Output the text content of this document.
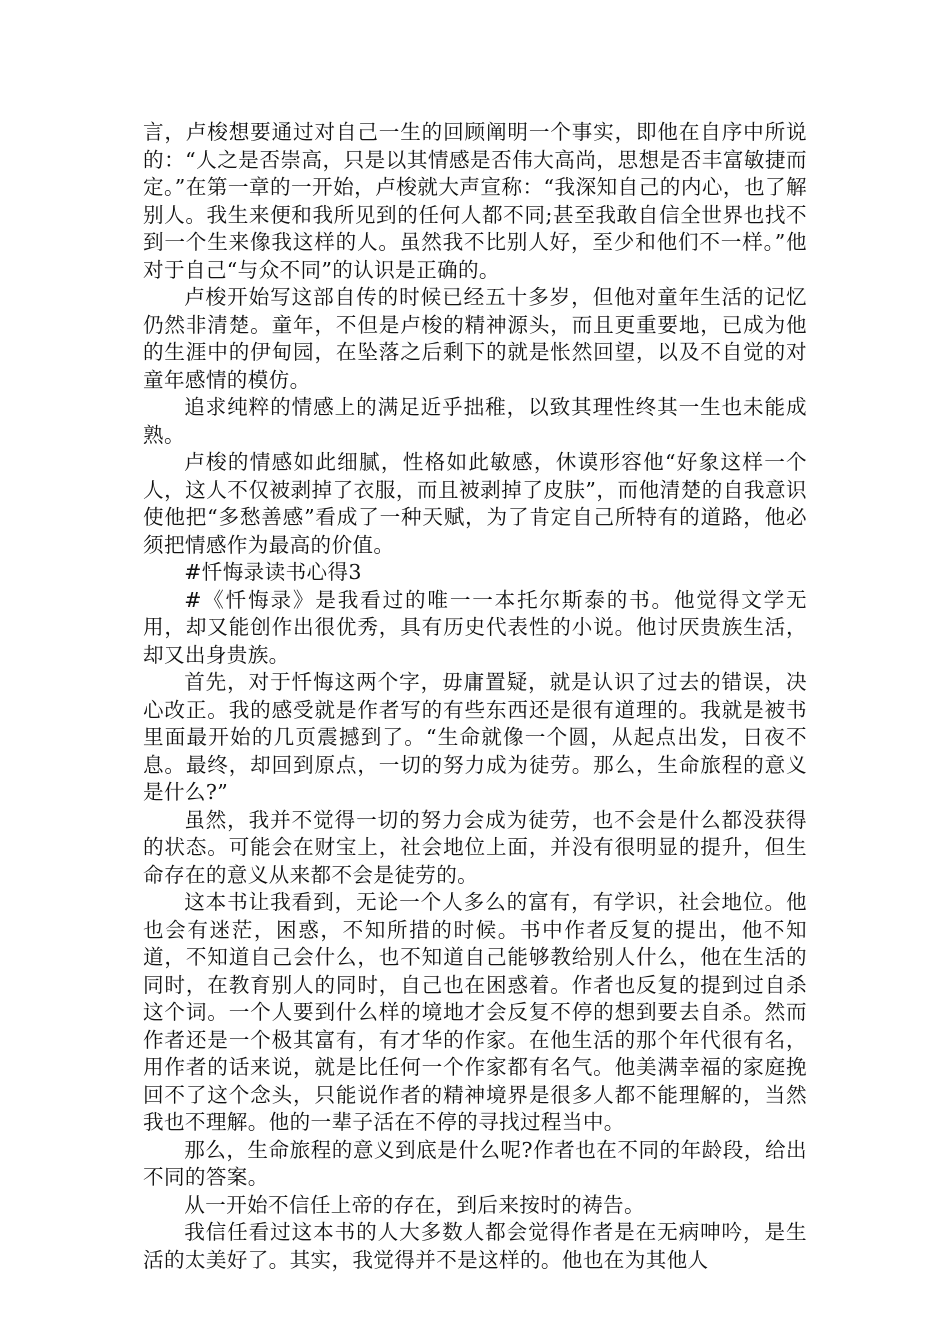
言，卢梭想要通过对自己一生的回顾阐明一个事实，即他在自序中所说的：“人之是否崇高，只是以其情感是否伟大高尚，思想是否丰富敏捷而定。”在第一章的一开始，卢梭就大声宣称：“我深知自己的内心，也了解别人。我生来便和我所见到的任何人都不同;甚至我敢自信全世界也找不到一个生来像我这样的人。虽然我不比别人好，至少和他们不一样。”他对于自己“与众不同”的认识是正确的。

卢梭开始写这部自传的时候已经五十多岁，但他对童年生活的记忆仍然非清楚。童年，不但是卢梭的精神源头，而且更重要地，已成为他的生涯中的伊甸园，在坠落之后剩下的就是怅然回望，以及不自觉的对童年感情的模仿。

追求纯粹的情感上的满足近乎拙稚，以致其理性终其一生也未能成熟。

卢梭的情感如此细腻，性格如此敏感，休谟形容他“好象这样一个人，这人不仅被剥掉了衣服，而且被剥掉了皮肤”，而他清楚的自我意识使他把“多愁善感”看成了一种天赋，为了肯定自己所特有的道路，他必须把情感作为最高的价值。

#忏悔录读书心得3

#《忏悔录》是我看过的唯一一本托尔斯泰的书。他觉得文学无用，却又能创作出很优秀，具有历史代表性的小说。他讨厌贵族生活，却又出身贵族。

首先，对于忏悔这两个字，毋庸置疑，就是认识了过去的错误，决心改正。我的感受就是作者写的有些东西还是很有道理的。我就是被书里面最开始的几页震撼到了。“生命就像一个圆，从起点出发，日夜不息。最终，却回到原点，一切的努力成为徒劳。那么，生命旅程的意义是什么?”

虽然，我并不觉得一切的努力会成为徒劳，也不会是什么都没获得的状态。可能会在财宝上，社会地位上面，并没有很明显的提升，但生命存在的意义从来都不会是徒劳的。

这本书让我看到，无论一个人多么的富有，有学识，社会地位。他也会有迷茫，困惑，不知所措的时候。书中作者反复的提出，他不知道，不知道自己会什么，也不知道自己能够教给别人什么，他在生活的同时，在教育别人的同时，自己也在困惑着。作者也反复的提到过自杀这个词。一个人要到什么样的境地才会反复不停的想到要去自杀。然而作者还是一个极其富有，有才华的作家。在他生活的那个年代很有名，用作者的话来说，就是比任何一个作家都有名气。他美满幸福的家庭挽回不了这个念头，只能说作者的精神境界是很多人都不能理解的，当然我也不理解。他的一辈子活在不停的寻找过程当中。

那么，生命旅程的意义到底是什么呢?作者也在不同的年龄段，给出不同的答案。

从一开始不信任上帝的存在，到后来按时的祷告。

我信任看过这本书的人大多数人都会觉得作者是在无病呻吟，是生活的太美好了。其实，我觉得并不是这样的。他也在为其他人
